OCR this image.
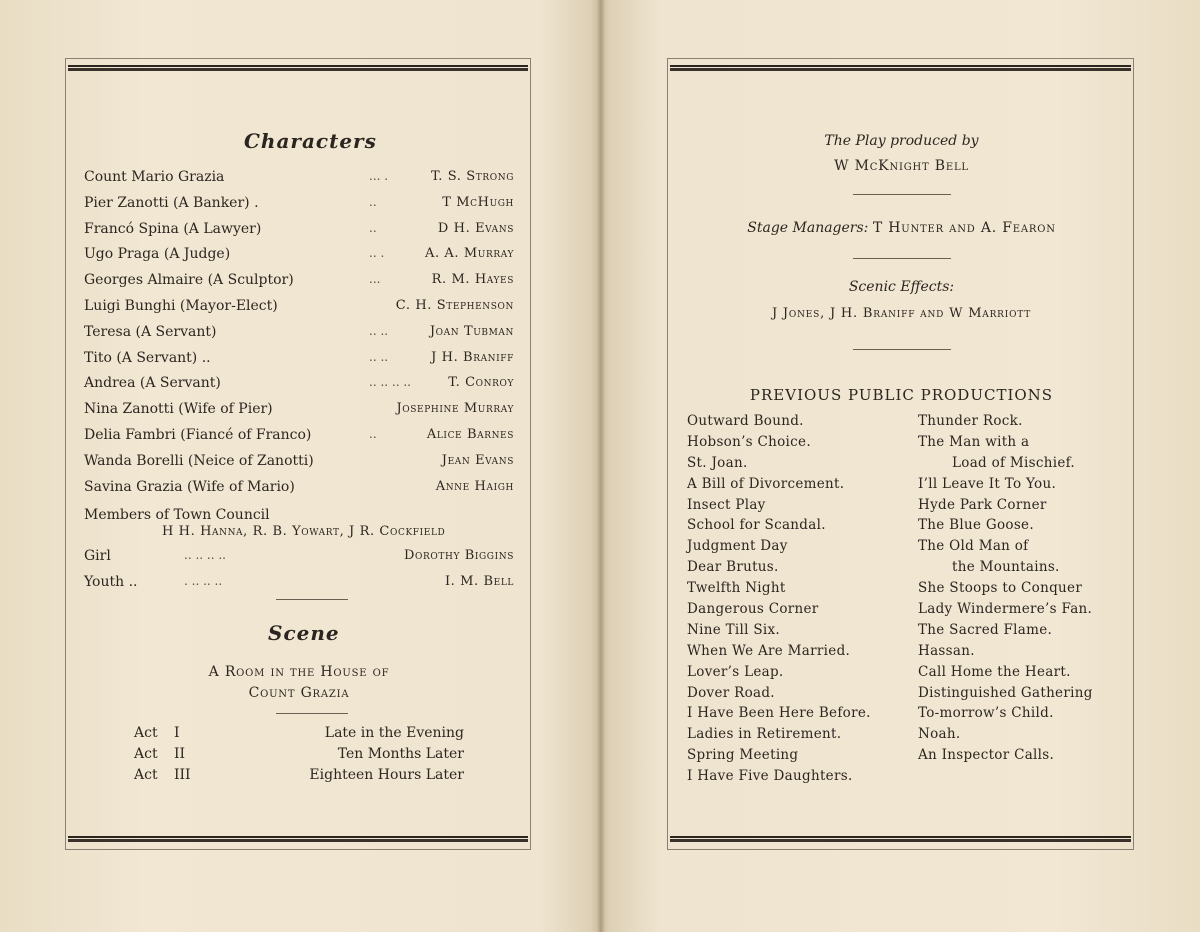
Characters
Count Mario Grazia	... .	T. S. Strong
Pier Zanotti (A Banker) .	..	T McHugh
Francó Spina (A Lawyer)	..	D H. Evans
Ugo Praga (A Judge)	.. .	A. A. Murray
Georges Almaire (A Sculptor)	...	R. M. Hayes
Luigi Bunghi (Mayor-Elect)	C. H. Stephenson
Teresa (A Servant)	.. ..	Joan Tubman
Tito (A Servant) ..	.. ..	J H. Braniff
Andrea (A Servant)	.. .. .. ..	T. Conroy
Nina Zanotti (Wife of Pier)	Josephine Murray
Delia Fambri (Fiancé of Franco)	..	Alice Barnes
Wanda Borelli (Neice of Zanotti)	Jean Evans
Savina Grazia (Wife of Mario)	Anne Haigh
Members of Town Council
H H. Hanna, R. B. Yowart, J R. Cockfield
Girl	.. .. .. ..	Dorothy Biggins
Youth ..	. .. .. ..	I. M. Bell
Scene
A Room in the House of
Count Grazia
Act I	Late in the Evening
Act II	Ten Months Later
Act III	Eighteen Hours Later
The Play produced by
W McKnight Bell
Stage Managers: T Hunter and A. Fearon
Scenic Effects:
J Jones, J H. Braniff and W Marriott
PREVIOUS PUBLIC PRODUCTIONS
Outward Bound.
Hobson’s Choice.
St. Joan.
A Bill of Divorcement.
Insect Play
School for Scandal.
Judgment Day
Dear Brutus.
Twelfth Night
Dangerous Corner
Nine Till Six.
When We Are Married.
Lover’s Leap.
Dover Road.
I Have Been Here Before.
Ladies in Retirement.
Spring Meeting
I Have Five Daughters.
Thunder Rock.
The Man with a
Load of Mischief.
I’ll Leave It To You.
Hyde Park Corner
The Blue Goose.
The Old Man of
the Mountains.
She Stoops to Conquer
Lady Windermere’s Fan.
The Sacred Flame.
Hassan.
Call Home the Heart.
Distinguished Gathering
To-morrow’s Child.
Noah.
An Inspector Calls.
